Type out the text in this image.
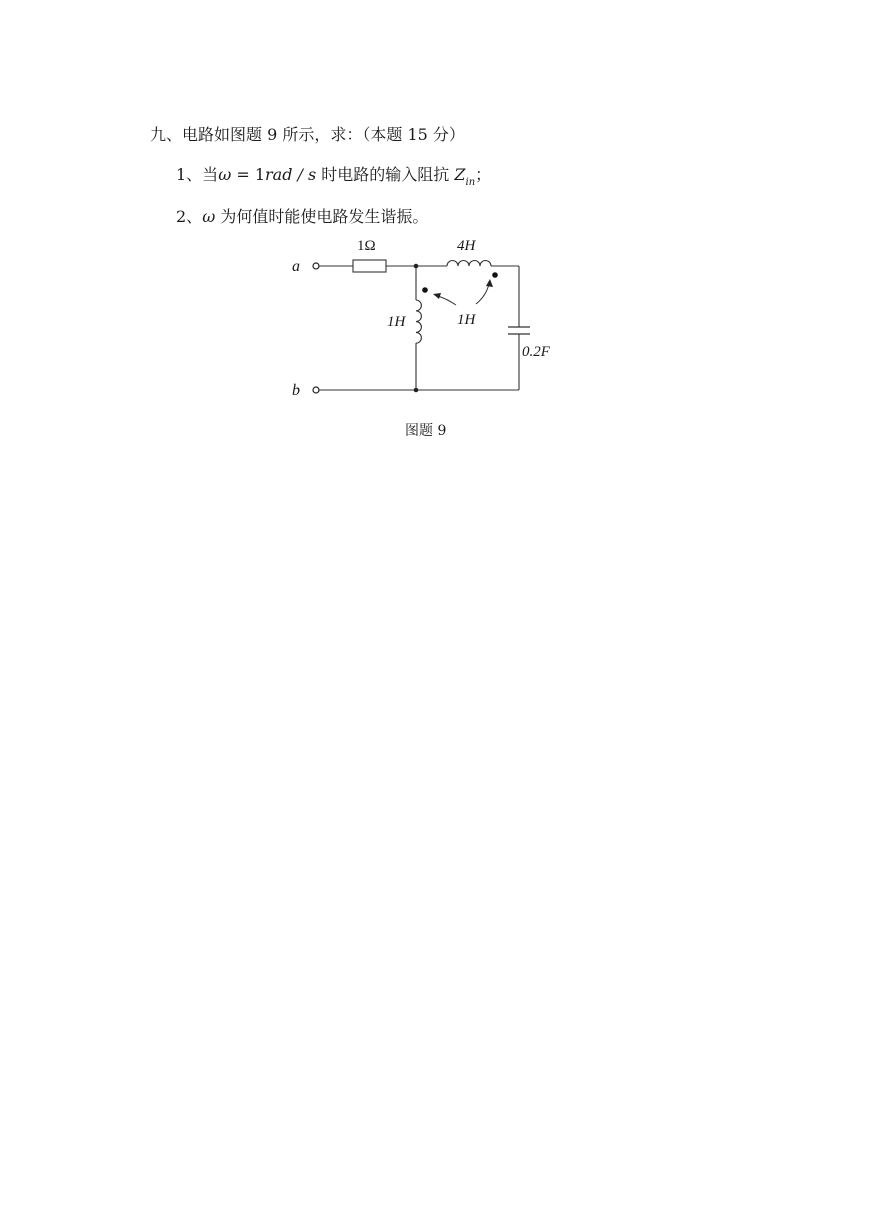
九、电路如图题 9 所示，求：（本题 15 分）
1、当ω = 1rad / s 时电路的输入阻抗 $Z_{in}$；
2、ω 为何值时能使电路发生谐振。
a
b
1Ω	4H
1H	1H
0.2F
图题 9
